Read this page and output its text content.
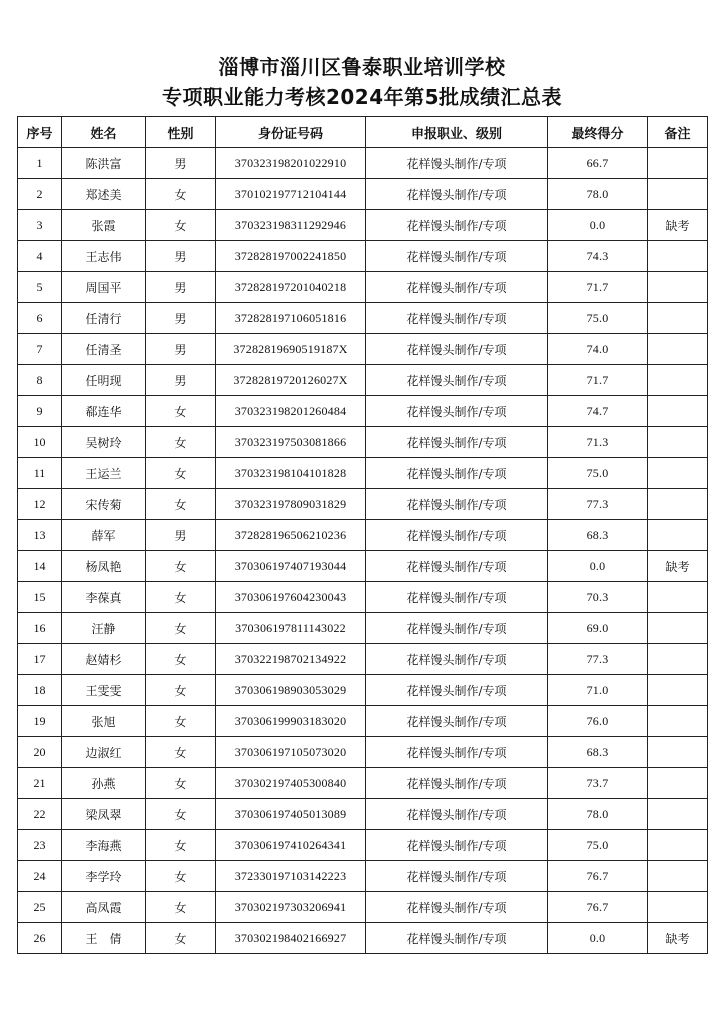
淄博市淄川区鲁泰职业培训学校
专项职业能力考核2024年第5批成绩汇总表
序号	姓名	性别	身份证号码	申报职业、级别	最终得分	备注
1	陈洪富	男	370323198201022910	花样馒头制作/专项	66.7	
2	郑述美	女	370102197712104144	花样馒头制作/专项	78.0	
3	张霞	女	370323198311292946	花样馒头制作/专项	0.0	缺考
4	王志伟	男	372828197002241850	花样馒头制作/专项	74.3	
5	周国平	男	372828197201040218	花样馒头制作/专项	71.7	
6	任清行	男	372828197106051816	花样馒头制作/专项	75.0	
7	任清圣	男	37282819690519187X	花样馒头制作/专项	74.0	
8	任明现	男	37282819720126027X	花样馒头制作/专项	71.7	
9	郗连华	女	370323198201260484	花样馒头制作/专项	74.7	
10	吴树玲	女	370323197503081866	花样馒头制作/专项	71.3	
11	王运兰	女	370323198104101828	花样馒头制作/专项	75.0	
12	宋传菊	女	370323197809031829	花样馒头制作/专项	77.3	
13	薛军	男	372828196506210236	花样馒头制作/专项	68.3	
14	杨凤艳	女	370306197407193044	花样馒头制作/专项	0.0	缺考
15	李葆真	女	370306197604230043	花样馒头制作/专项	70.3	
16	汪静	女	370306197811143022	花样馒头制作/专项	69.0	
17	赵婧杉	女	370322198702134922	花样馒头制作/专项	77.3	
18	王雯雯	女	370306198903053029	花样馒头制作/专项	71.0	
19	张旭	女	370306199903183020	花样馒头制作/专项	76.0	
20	边淑红	女	370306197105073020	花样馒头制作/专项	68.3	
21	孙燕	女	370302197405300840	花样馒头制作/专项	73.7	
22	梁凤翠	女	370306197405013089	花样馒头制作/专项	78.0	
23	李海燕	女	370306197410264341	花样馒头制作/专项	75.0	
24	李学玲	女	372330197103142223	花样馒头制作/专项	76.7	
25	高凤霞	女	370302197303206941	花样馒头制作/专项	76.7	
26	王　倩	女	370302198402166927	花样馒头制作/专项	0.0	缺考
